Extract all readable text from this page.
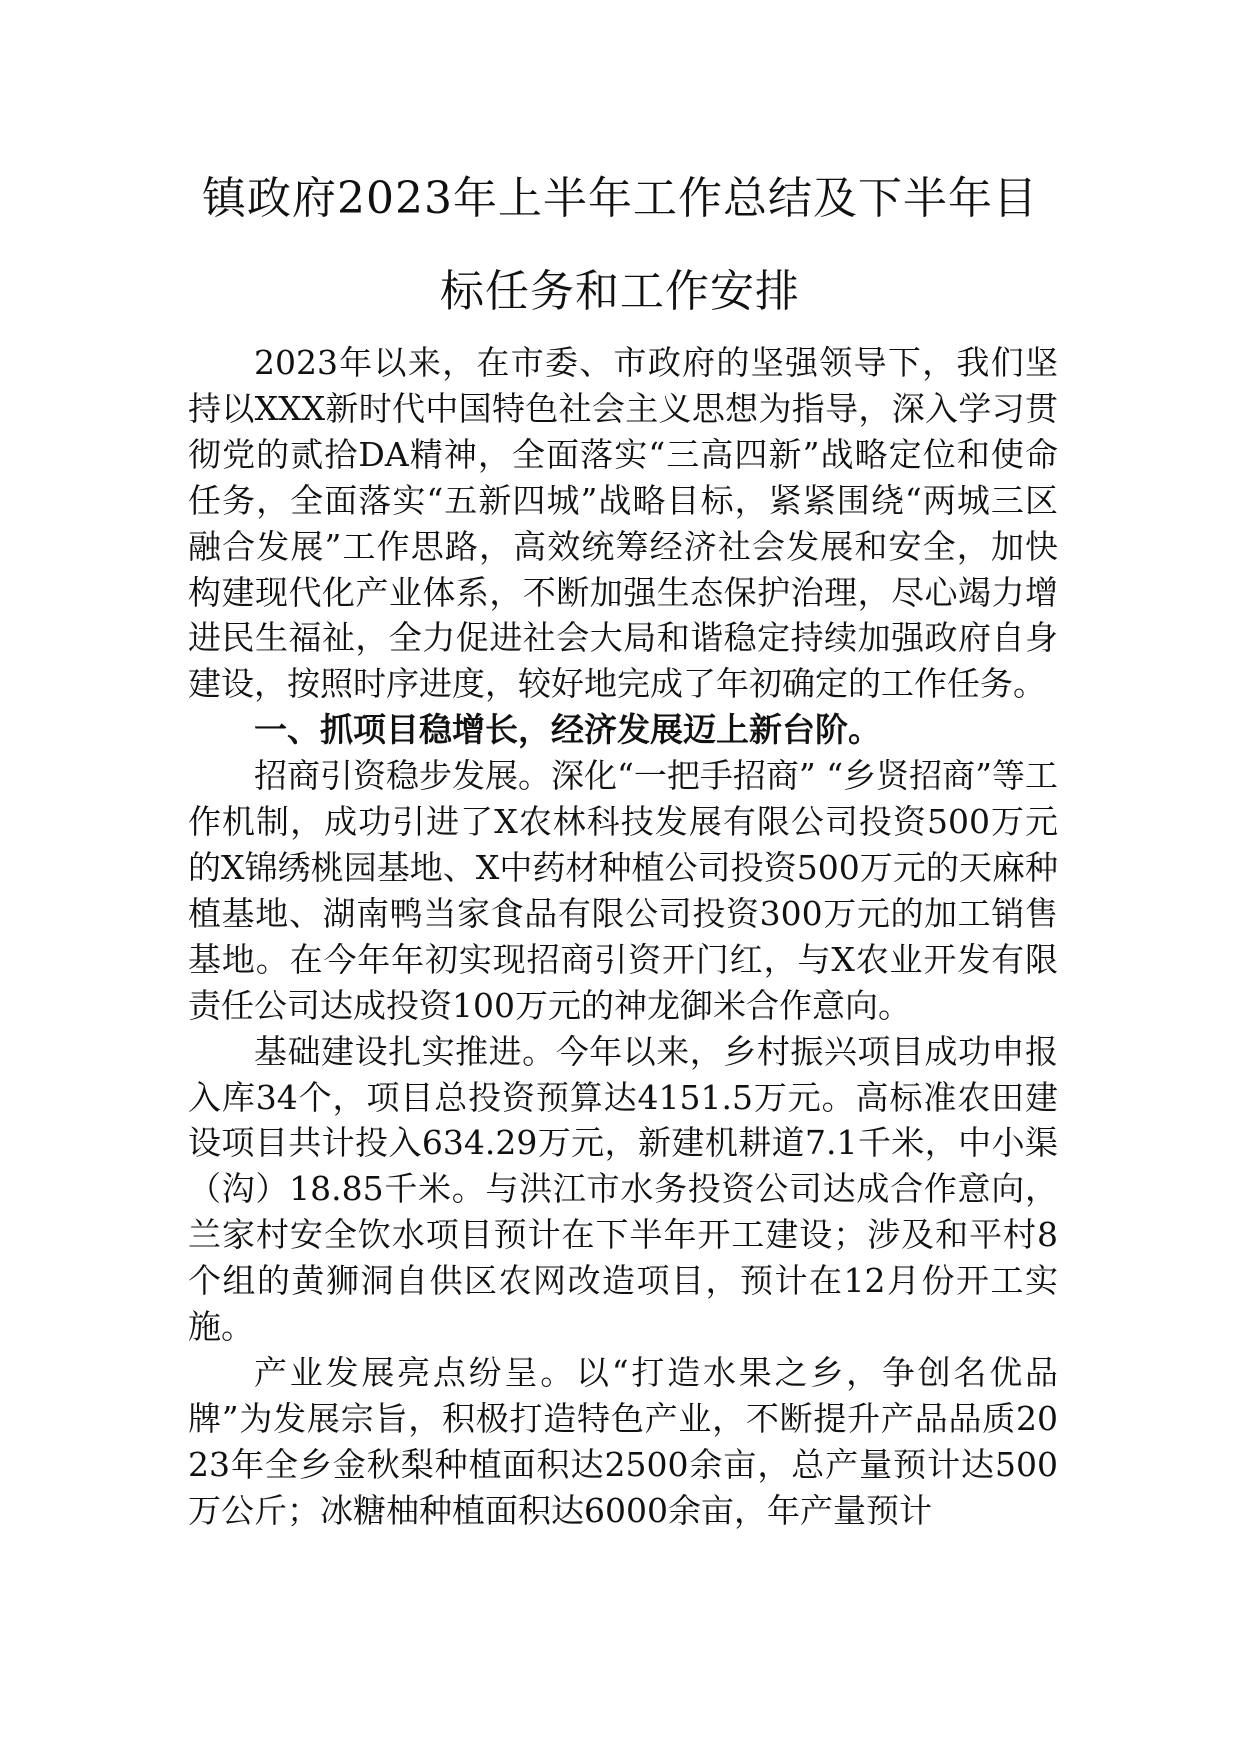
镇政府2023年上半年工作总结及下半年目
标任务和工作安排

2023年以来，在市委、市政府的坚强领导下，我们坚持以XXX新时代中国特色社会主义思想为指导，深入学习贯彻党的贰拾DA精神，全面落实“三高四新”战略定位和使命任务，全面落实“五新四城”战略目标，紧紧围绕“两城三区 融合发展”工作思路，高效统筹经济社会发展和安全，加快构建现代化产业体系，不断加强生态保护治理，尽心竭力增进民生福祉，全力促进社会大局和谐稳定持续加强政府自身建设，按照时序进度，较好地完成了年初确定的工作任务。

一、抓项目稳增长，经济发展迈上新台阶。

招商引资稳步发展。深化“一把手招商” “乡贤招商”等工作机制，成功引进了X农林科技发展有限公司投资500万元的X锦绣桃园基地、X中药材种植公司投资500万元的天麻种植基地、湖南鸭当家食品有限公司投资300万元的加工销售基地。在今年年初实现招商引资开门红，与X农业开发有限责任公司达成投资100万元的神龙御米合作意向。

基础建设扎实推进。今年以来，乡村振兴项目成功申报入库34个，项目总投资预算达4151.5万元。高标准农田建设项目共计投入634.29万元，新建机耕道7.1千米，中小渠（沟）18.85千米。与洪江市水务投资公司达成合作意向，兰家村安全饮水项目预计在下半年开工建设；涉及和平村8个组的黄狮洞自供区农网改造项目，预计在12月份开工实施。

产业发展亮点纷呈。以“打造水果之乡，争创名优品牌”为发展宗旨，积极打造特色产业，不断提升产品品质2023年全乡金秋梨种植面积达2500余亩，总产量预计达500万公斤；冰糖柚种植面积达6000余亩，年产量预计
